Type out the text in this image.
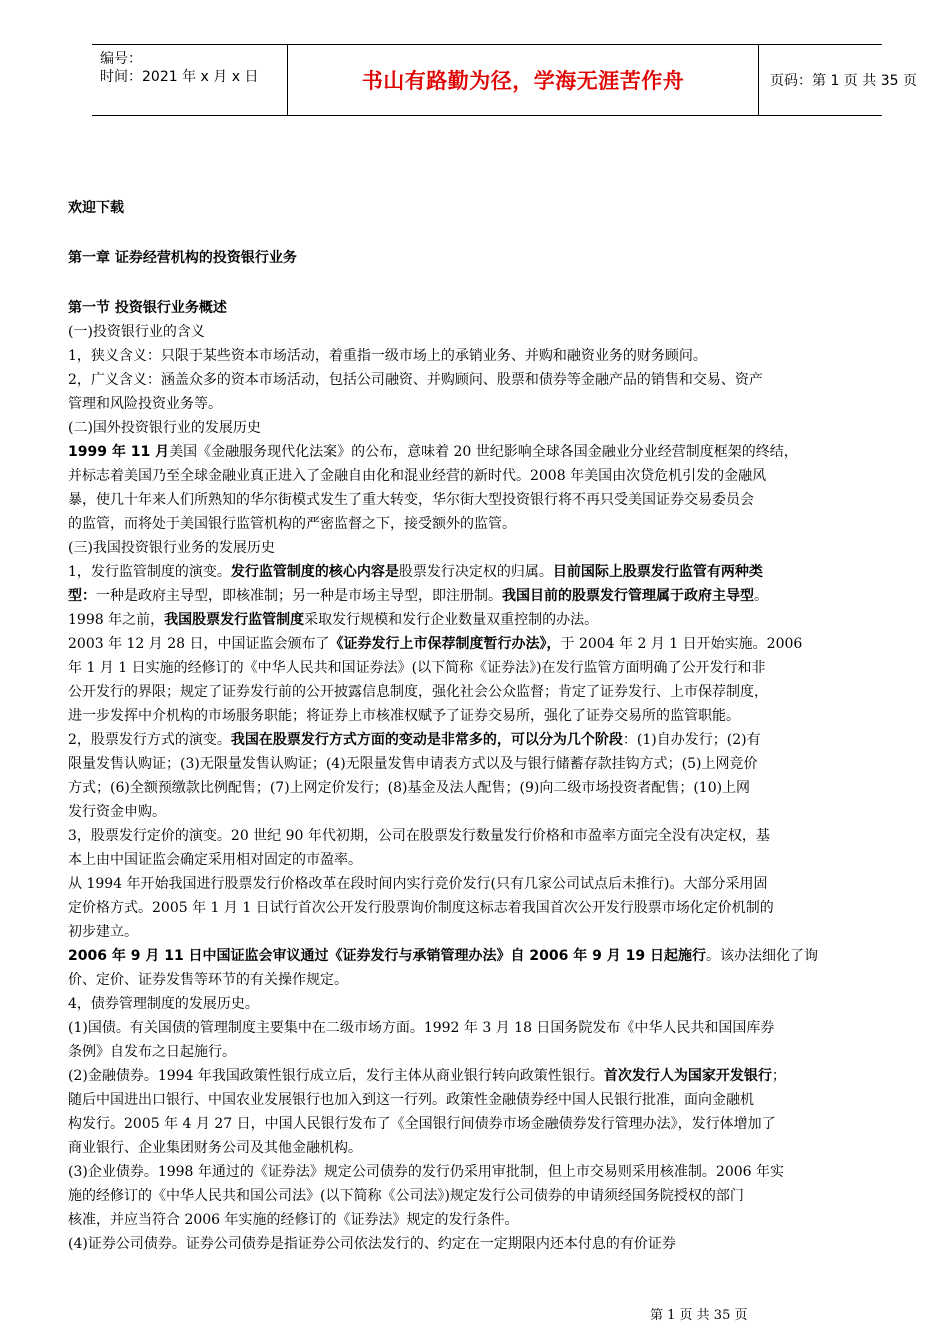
编号：
时间：2021 年 x 月 x 日	书山有路勤为径，学海无涯苦作舟	页码：第 1 页 共 35 页

欢迎下载

第一章 证券经营机构的投资银行业务

第一节 投资银行业务概述

(一)投资银行业的含义

1，狭义含义：只限于某些资本市场活动，着重指一级市场上的承销业务、并购和融资业务的财务顾问。

2，广义含义：涵盖众多的资本市场活动，包括公司融资、并购顾问、股票和债券等金融产品的销售和交易、资产

管理和风险投资业务等。

(二)国外投资银行业的发展历史

1999 年 11 月美国《金融服务现代化法案》的公布，意味着 20 世纪影响全球各国金融业分业经营制度框架的终结，

并标志着美国乃至全球金融业真正进入了金融自由化和混业经营的新时代。2008 年美国由次贷危机引发的金融风

暴，使几十年来人们所熟知的华尔街模式发生了重大转变，华尔街大型投资银行将不再只受美国证券交易委员会

的监管，而将处于美国银行监管机构的严密监督之下，接受额外的监管。

(三)我国投资银行业务的发展历史

1，发行监管制度的演变。发行监管制度的核心内容是股票发行决定权的归属。目前国际上股票发行监管有两种类

型：一种是政府主导型，即核准制；另一种是市场主导型，即注册制。我国目前的股票发行管理属于政府主导型。

1998 年之前，我国股票发行监管制度采取发行规模和发行企业数量双重控制的办法。

2003 年 12 月 28 日，中国证监会颁布了《证券发行上市保荐制度暂行办法》，于 2004 年 2 月 1 日开始实施。2006

年 1 月 1 日实施的经修订的《中华人民共和国证券法》(以下简称《证券法》)在发行监管方面明确了公开发行和非

公开发行的界限；规定了证券发行前的公开披露信息制度，强化社会公众监督；肯定了证券发行、上市保荐制度，

进一步发挥中介机构的市场服务职能；将证券上市核准权赋予了证券交易所，强化了证券交易所的监管职能。

2，股票发行方式的演变。我国在股票发行方式方面的变动是非常多的，可以分为几个阶段：(1)自办发行；(2)有

限量发售认购证；(3)无限量发售认购证；(4)无限量发售申请表方式以及与银行储蓄存款挂钩方式；(5)上网竞价

方式；(6)全额预缴款比例配售；(7)上网定价发行；(8)基金及法人配售；(9)向二级市场投资者配售；(10)上网

发行资金申购。

3，股票发行定价的演变。20 世纪 90 年代初期，公司在股票发行数量发行价格和市盈率方面完全没有决定权，基

本上由中国证监会确定采用相对固定的市盈率。

从 1994 年开始我国进行股票发行价格改革在段时间内实行竞价发行(只有几家公司试点后未推行)。大部分采用固

定价格方式。2005 年 1 月 1 日试行首次公开发行股票询价制度这标志着我国首次公开发行股票市场化定价机制的

初步建立。

2006 年 9 月 11 日中国证监会审议通过《证券发行与承销管理办法》自 2006 年 9 月 19 日起施行。该办法细化了询

价、定价、证券发售等环节的有关操作规定。

4，债券管理制度的发展历史。

(1)国债。有关国债的管理制度主要集中在二级市场方面。1992 年 3 月 18 日国务院发布《中华人民共和国国库券

条例》自发布之日起施行。

(2)金融债券。1994 年我国政策性银行成立后，发行主体从商业银行转向政策性银行。首次发行人为国家开发银行；

随后中国进出口银行、中国农业发展银行也加入到这一行列。政策性金融债券经中国人民银行批准，面向金融机

构发行。2005 年 4 月 27 日，中国人民银行发布了《全国银行间债券市场金融债券发行管理办法》，发行体增加了

商业银行、企业集团财务公司及其他金融机构。

(3)企业债券。1998 年通过的《证券法》规定公司债券的发行仍采用审批制，但上市交易则采用核准制。2006 年实

施的经修订的《中华人民共和国公司法》(以下简称《公司法》)规定发行公司债券的申请须经国务院授权的部门

核准，并应当符合 2006 年实施的经修订的《证券法》规定的发行条件。

(4)证券公司债券。证券公司债券是指证券公司依法发行的、约定在一定期限内还本付息的有价证券

第 1 页 共 35 页
